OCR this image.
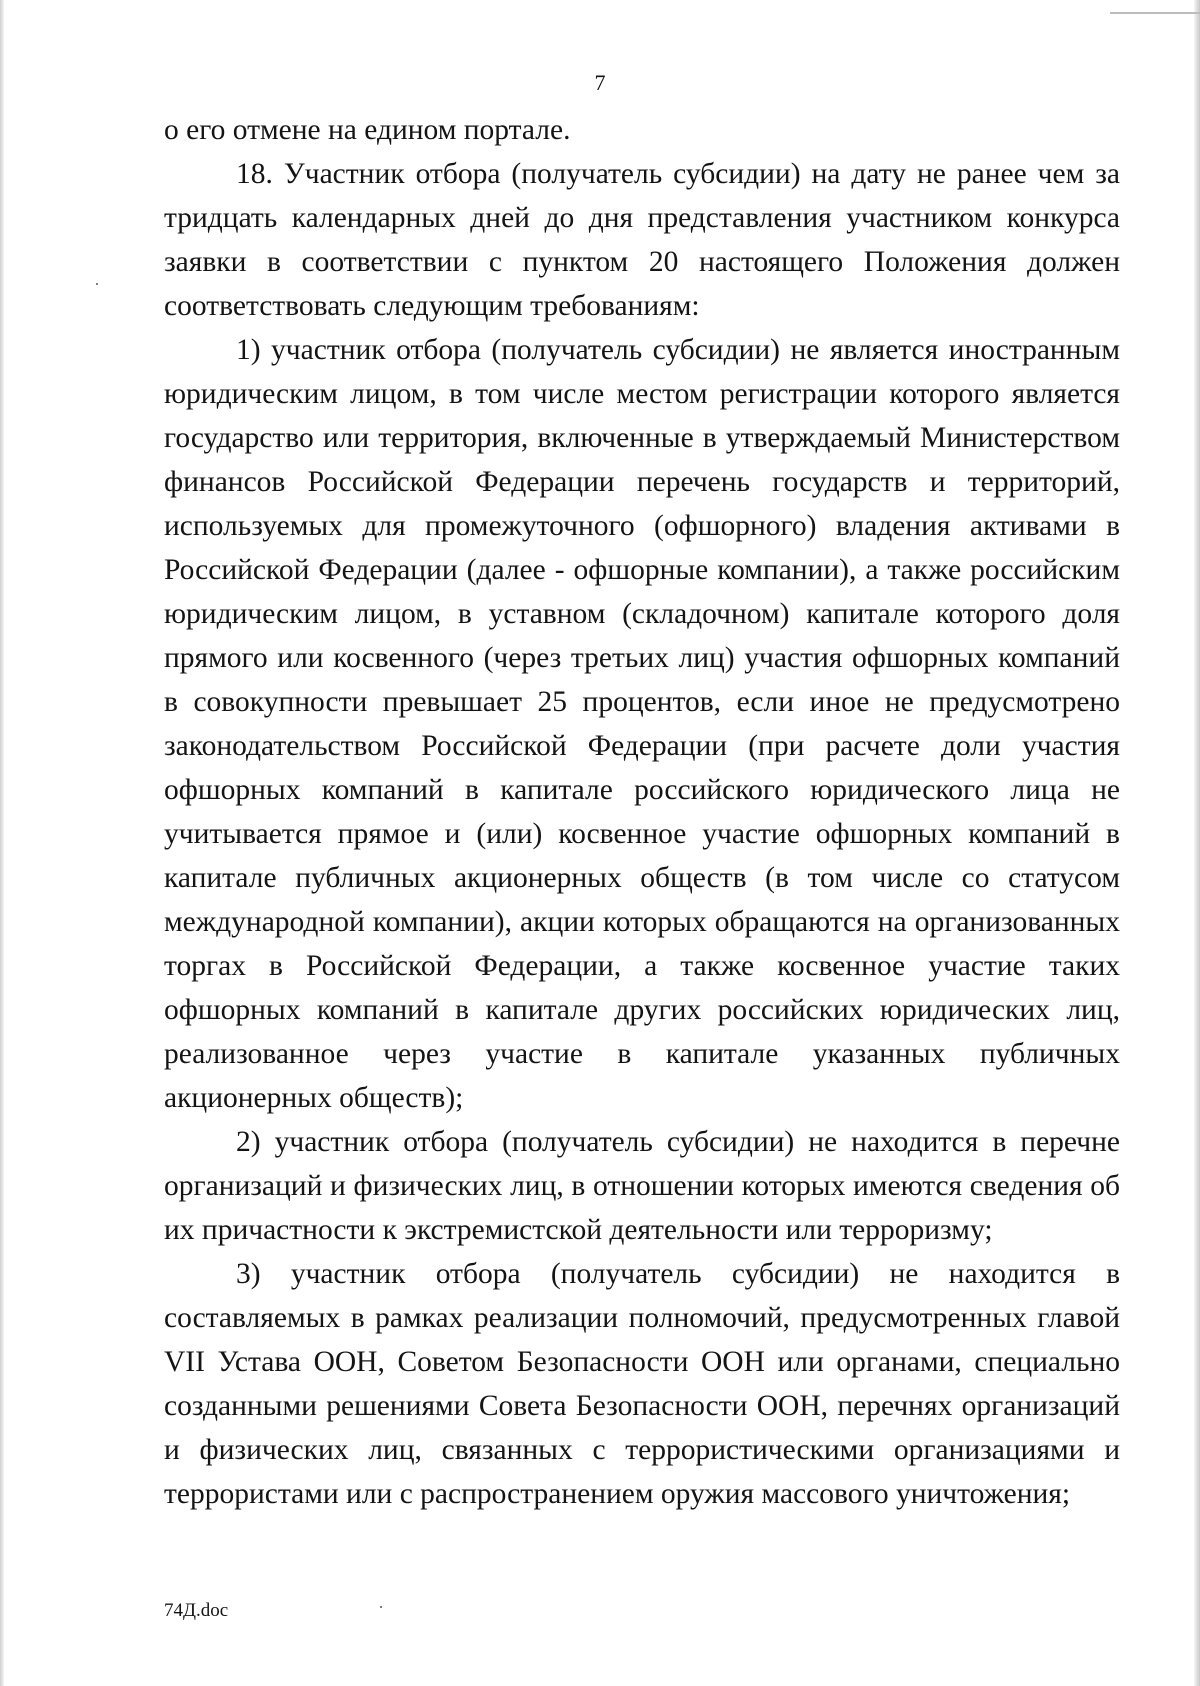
7

о его отмене на едином портале.

18. Участник отбора (получатель субсидии) на дату не ранее чем за тридцать календарных дней до дня представления участником конкурса заявки в соответствии с пунктом 20 настоящего Положения должен соответствовать следующим требованиям:

1) участник отбора (получатель субсидии) не является иностранным юридическим лицом, в том числе местом регистрации которого является государство или территория, включенные в утверждаемый Министерством финансов Российской Федерации перечень государств и территорий, используемых для промежуточного (офшорного) владения активами в Российской Федерации (далее - офшорные компании), а также российским юридическим лицом, в уставном (складочном) капитале которого доля прямого или косвенного (через третьих лиц) участия офшорных компаний в совокупности превышает 25 процентов, если иное не предусмотрено законодательством Российской Федерации (при расчете доли участия офшорных компаний в капитале российского юридического лица не учитывается прямое и (или) косвенное участие офшорных компаний в капитале публичных акционерных обществ (в том числе со статусом международной компании), акции которых обращаются на организованных торгах в Российской Федерации, а также косвенное участие таких офшорных компаний в капитале других российских юридических лиц, реализованное через участие в капитале указанных публичных акционерных обществ);

2) участник отбора (получатель субсидии) не находится в перечне организаций и физических лиц, в отношении которых имеются сведения об их причастности к экстремистской деятельности или терроризму;

3) участник отбора (получатель субсидии) не находится в составляемых в рамках реализации полномочий, предусмотренных главой VII Устава ООН, Советом Безопасности ООН или органами, специально созданными решениями Совета Безопасности ООН, перечнях организаций и физических лиц, связанных с террористическими организациями и террористами или с распространением оружия массового уничтожения;

74Д.doc
